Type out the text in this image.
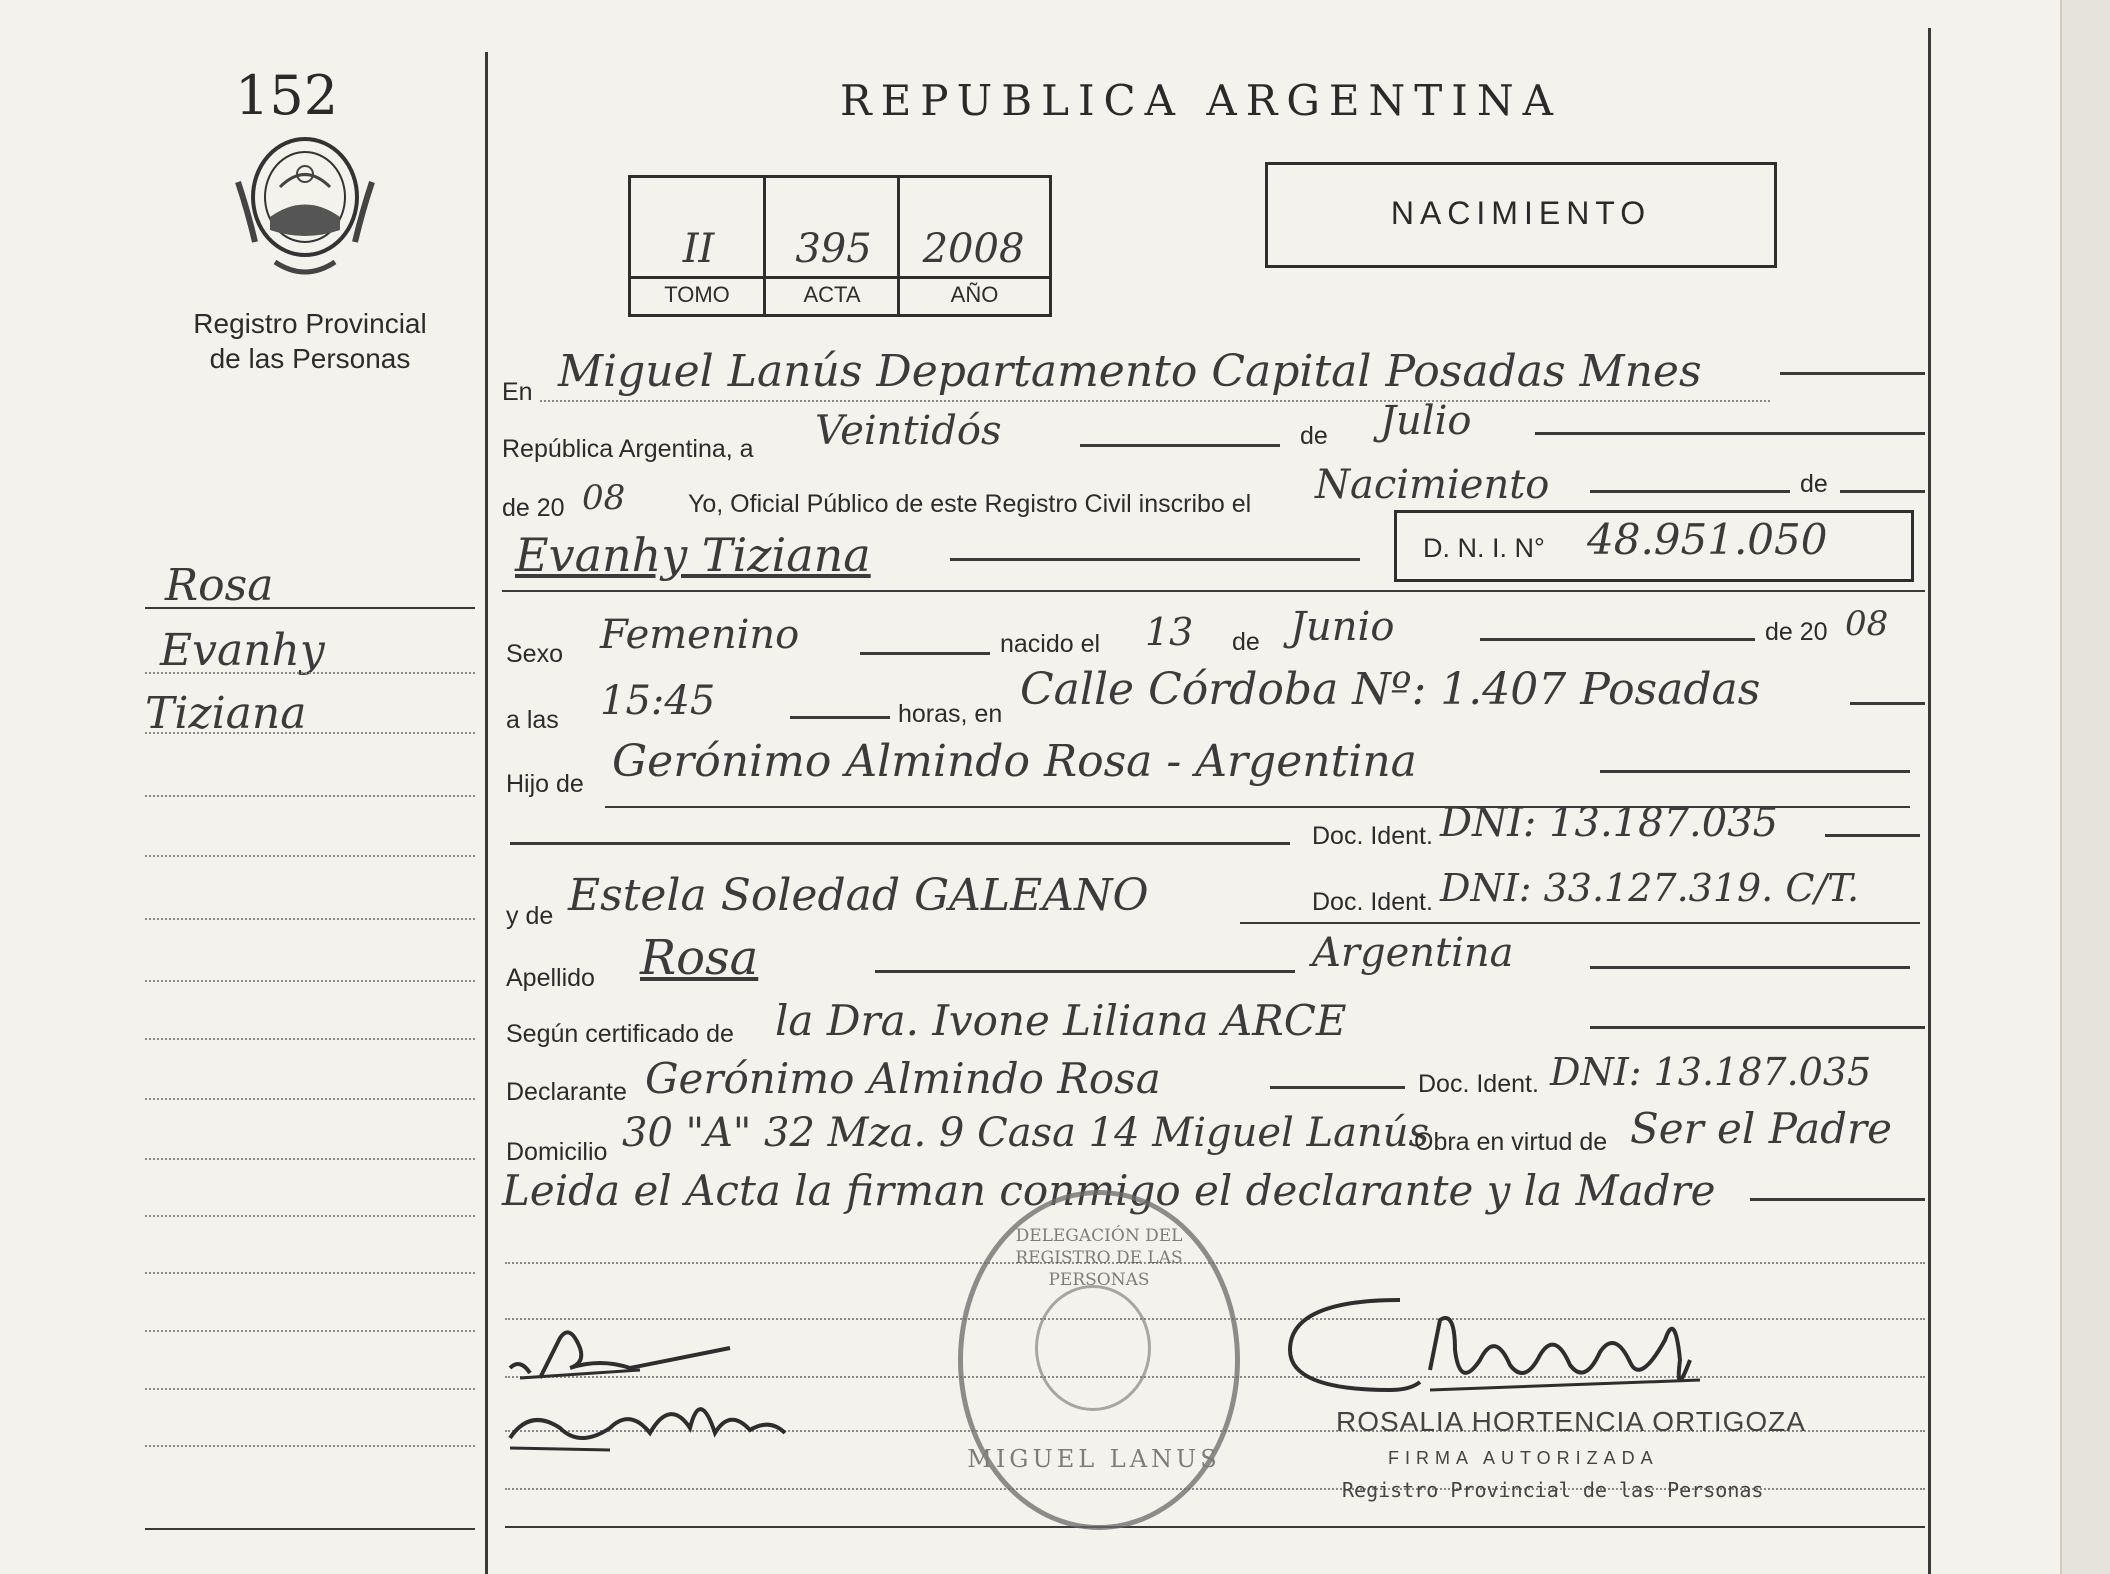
152
Registro Provincial
de las Personas
Rosa
Evanhy
Tiziana
REPUBLICA ARGENTINA
II	395	2008
TOMO	ACTA	AÑO
NACIMIENTO
En Miguel Lanús Departamento Capital Posadas Mnes
República Argentina, a Veintidós	de Julio
de 20 08	Yo, Oficial Público de este Registro Civil inscribo el Nacimiento	de
Evanhy Tiziana	D. N. I. N° 48.951.050
Sexo Femenino	nacido el 13 de Junio	de 20 08
a las 15:45	horas, en Calle Córdoba Nº: 1.407 Posadas
Hijo de Gerónimo Almindo Rosa - Argentina
Doc. Ident. DNI: 13.187.035
y de Estela Soledad GALEANO	Doc. Ident. DNI: 33.127.319. C/T.
Apellido Rosa	Argentina
Según certificado de la Dra. Ivone Liliana ARCE
Declarante Gerónimo Almindo Rosa	Doc. Ident. DNI: 13.187.035
Domicilio 30 "A" 32 Mza. 9 Casa 14 Miguel Lanús
Obra en virtud de Ser el Padre
Leida el Acta la firman conmigo el declarante y la Madre
DELEGACIÓN DEL REGISTRO DE LAS PERSONAS
MIGUEL LANUS
ROSALIA HORTENCIA ORTIGOZA
FIRMA AUTORIZADA
Registro Provincial de las Personas
